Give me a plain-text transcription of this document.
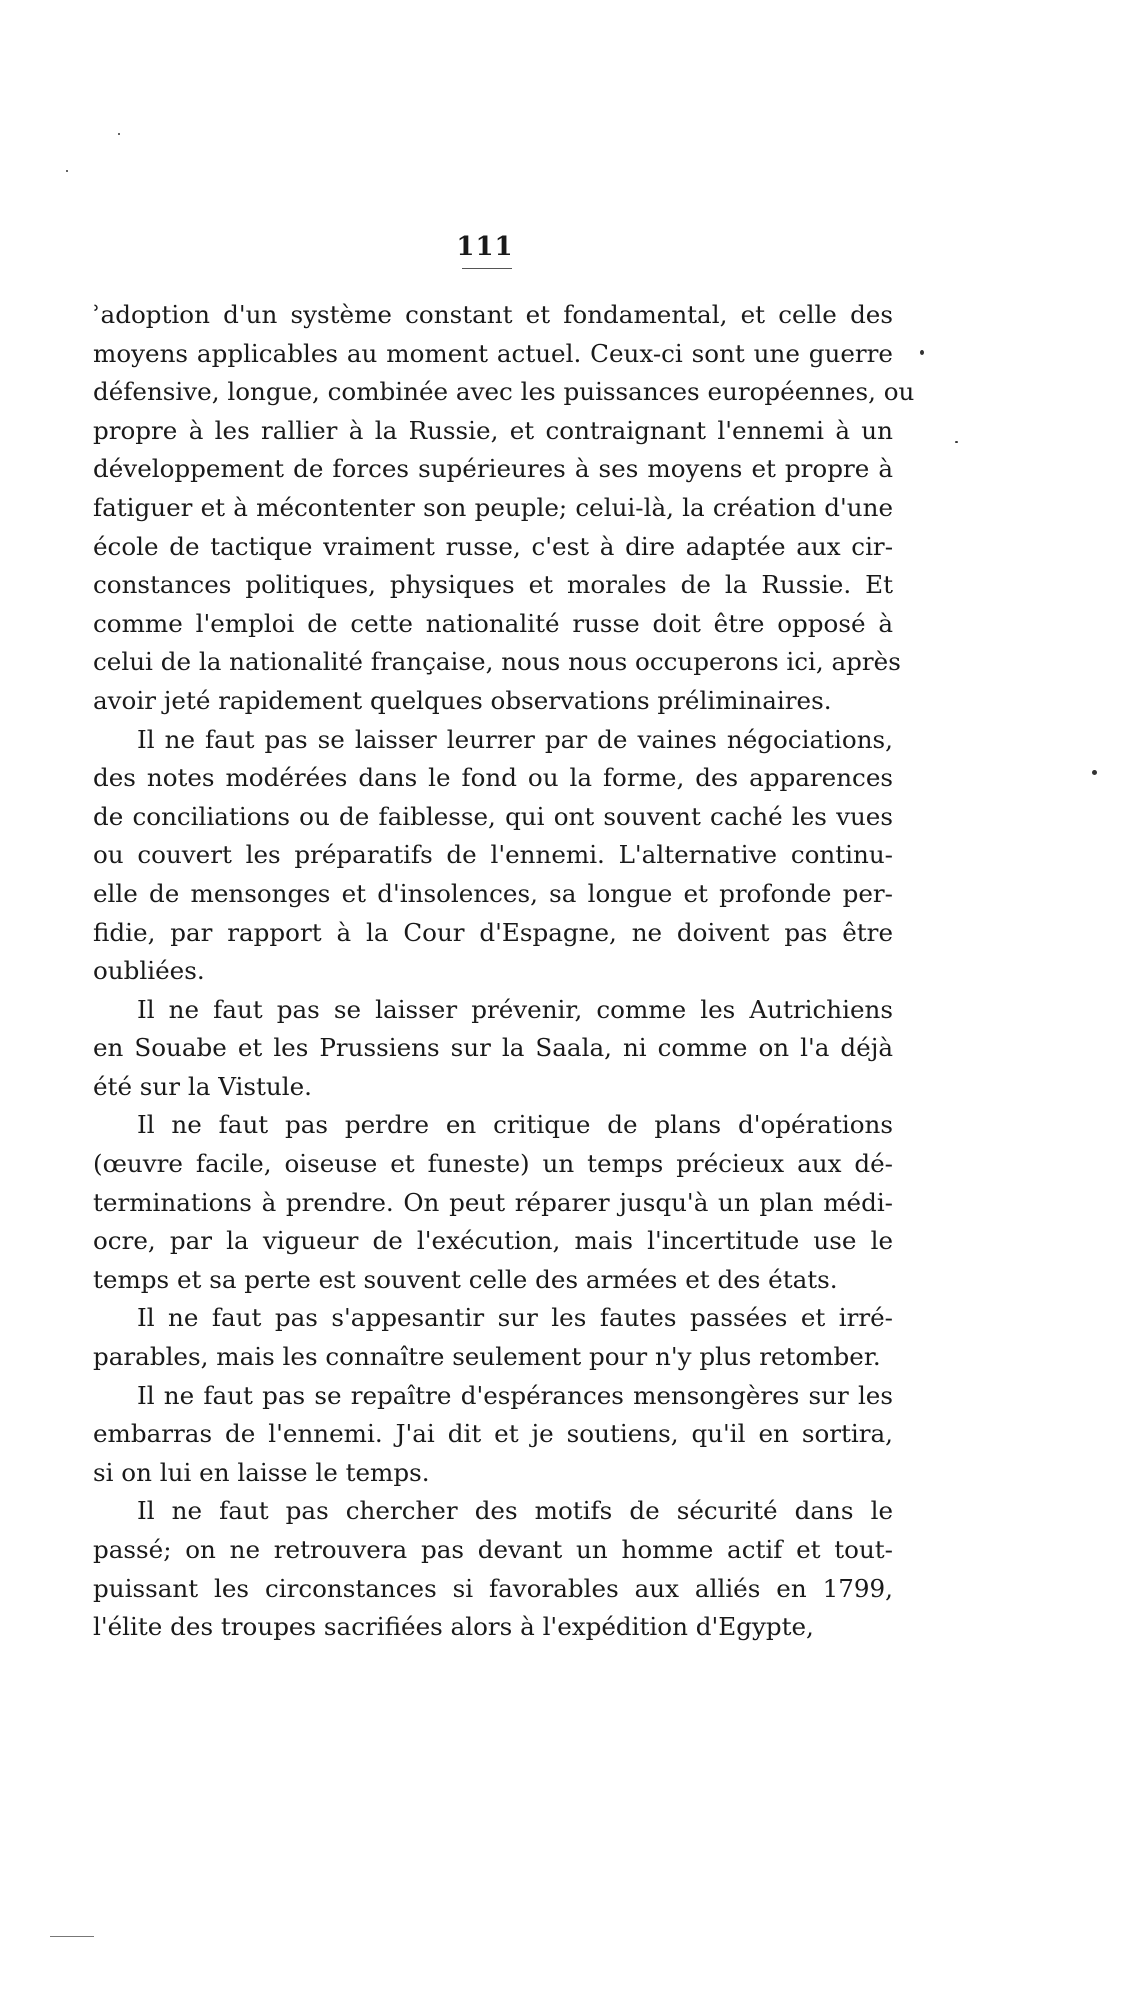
111

ʾadoption d'un système constant et fondamental, et celle des
moyens applicables au moment actuel. Ceux-ci sont une guerre
défensive, longue, combinée avec les puissances européennes, ou
propre à les rallier à la Russie, et contraignant l'ennemi à un
développement de forces supérieures à ses moyens et propre à
fatiguer et à mécontenter son peuple; celui-là, la création d'une
école de tactique vraiment russe, c'est à dire adaptée aux cir-
constances politiques, physiques et morales de la Russie. Et
comme l'emploi de cette nationalité russe doit être opposé à
celui de la nationalité française, nous nous occuperons ici, après
avoir jeté rapidement quelques observations préliminaires.

Il ne faut pas se laisser leurrer par de vaines négociations,
des notes modérées dans le fond ou la forme, des apparences
de conciliations ou de faiblesse, qui ont souvent caché les vues
ou couvert les préparatifs de l'ennemi. L'alternative continu-
elle de mensonges et d'insolences, sa longue et profonde per-
fidie, par rapport à la Cour d'Espagne, ne doivent pas être
oubliées.

Il ne faut pas se laisser prévenir, comme les Autrichiens
en Souabe et les Prussiens sur la Saala, ni comme on l'a déjà
été sur la Vistule.

Il ne faut pas perdre en critique de plans d'opérations
(œuvre facile, oiseuse et funeste) un temps précieux aux dé-
terminations à prendre. On peut réparer jusqu'à un plan médi-
ocre, par la vigueur de l'exécution, mais l'incertitude use le
temps et sa perte est souvent celle des armées et des états.

Il ne faut pas s'appesantir sur les fautes passées et irré-
parables, mais les connaître seulement pour n'y plus retomber.

Il ne faut pas se repaître d'espérances mensongères sur les
embarras de l'ennemi. J'ai dit et je soutiens, qu'il en sortira,
si on lui en laisse le temps.

Il ne faut pas chercher des motifs de sécurité dans le
passé; on ne retrouvera pas devant un homme actif et tout-
puissant les circonstances si favorables aux alliés en 1799,
l'élite des troupes sacrifiées alors à l'expédition d'Egypte,
